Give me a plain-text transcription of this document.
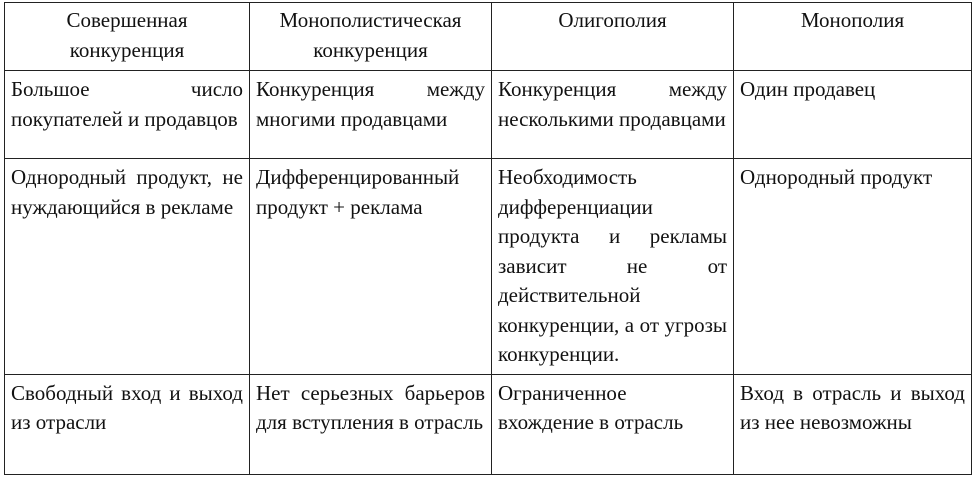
Совершенная конкуренция	Монополистическая конкуренция	Олигополия	Монополия
Большое число покупателей и продавцов	Конкуренция между многими продавцами	Конкуренция между несколькими продавцами	Один продавец
Однородный продукт, не нуждающийся в рекламе	Дифференцированный продукт + реклама	Необходимость дифференциации продукта и рекламы зависит не от действительной конкуренции, а от угрозы конкуренции.	Однородный продукт
Свободный вход и выход из отрасли	Нет серьезных барьеров для вступления в отрасль	Ограниченное вхождение в отрасль	Вход в отрасль и выход из нее невозможны
